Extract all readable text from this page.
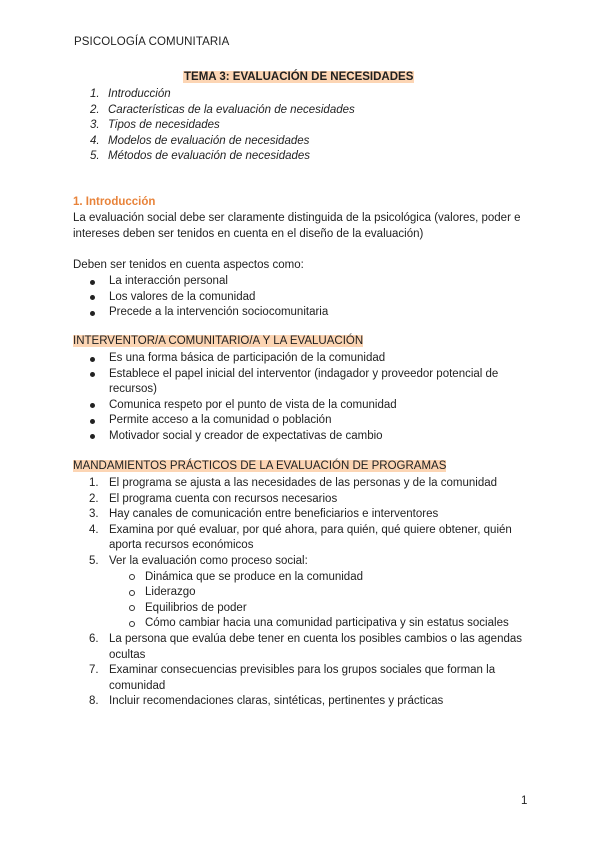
PSICOLOGÍA COMUNITARIA
TEMA 3: EVALUACIÓN DE NECESIDADES
1. Introducción
2. Características de la evaluación de necesidades
3. Tipos de necesidades
4. Modelos de evaluación de necesidades
5. Métodos de evaluación de necesidades
1. Introducción

La evaluación social debe ser claramente distinguida de la psicológica (valores, poder e intereses deben ser tenidos en cuenta en el diseño de la evaluación)

Deben ser tenidos en cuenta aspectos como:

La interacción personal
Los valores de la comunidad
Precede a la intervención sociocomunitaria
INTERVENTOR/A COMUNITARIO/A Y LA EVALUACIÓN
Es una forma básica de participación de la comunidad
Establece el papel inicial del interventor (indagador y proveedor potencial de recursos)
Comunica respeto por el punto de vista de la comunidad
Permite acceso a la comunidad o población
Motivador social y creador de expectativas de cambio
MANDAMIENTOS PRÁCTICOS DE LA EVALUACIÓN DE PROGRAMAS
1. El programa se ajusta a las necesidades de las personas y de la comunidad
2. El programa cuenta con recursos necesarios
3. Hay canales de comunicación entre beneficiarios e interventores
4. Examina por qué evaluar, por qué ahora, para quién, qué quiere obtener, quién aporta recursos económicos
5. Ver la evaluación como proceso social:
Dinámica que se produce en la comunidad
Liderazgo
Equilibrios de poder
Cómo cambiar hacia una comunidad participativa y sin estatus sociales
6. La persona que evalúa debe tener en cuenta los posibles cambios o las agendas ocultas
7. Examinar consecuencias previsibles para los grupos sociales que forman la comunidad
8. Incluir recomendaciones claras, sintéticas, pertinentes y prácticas
1
